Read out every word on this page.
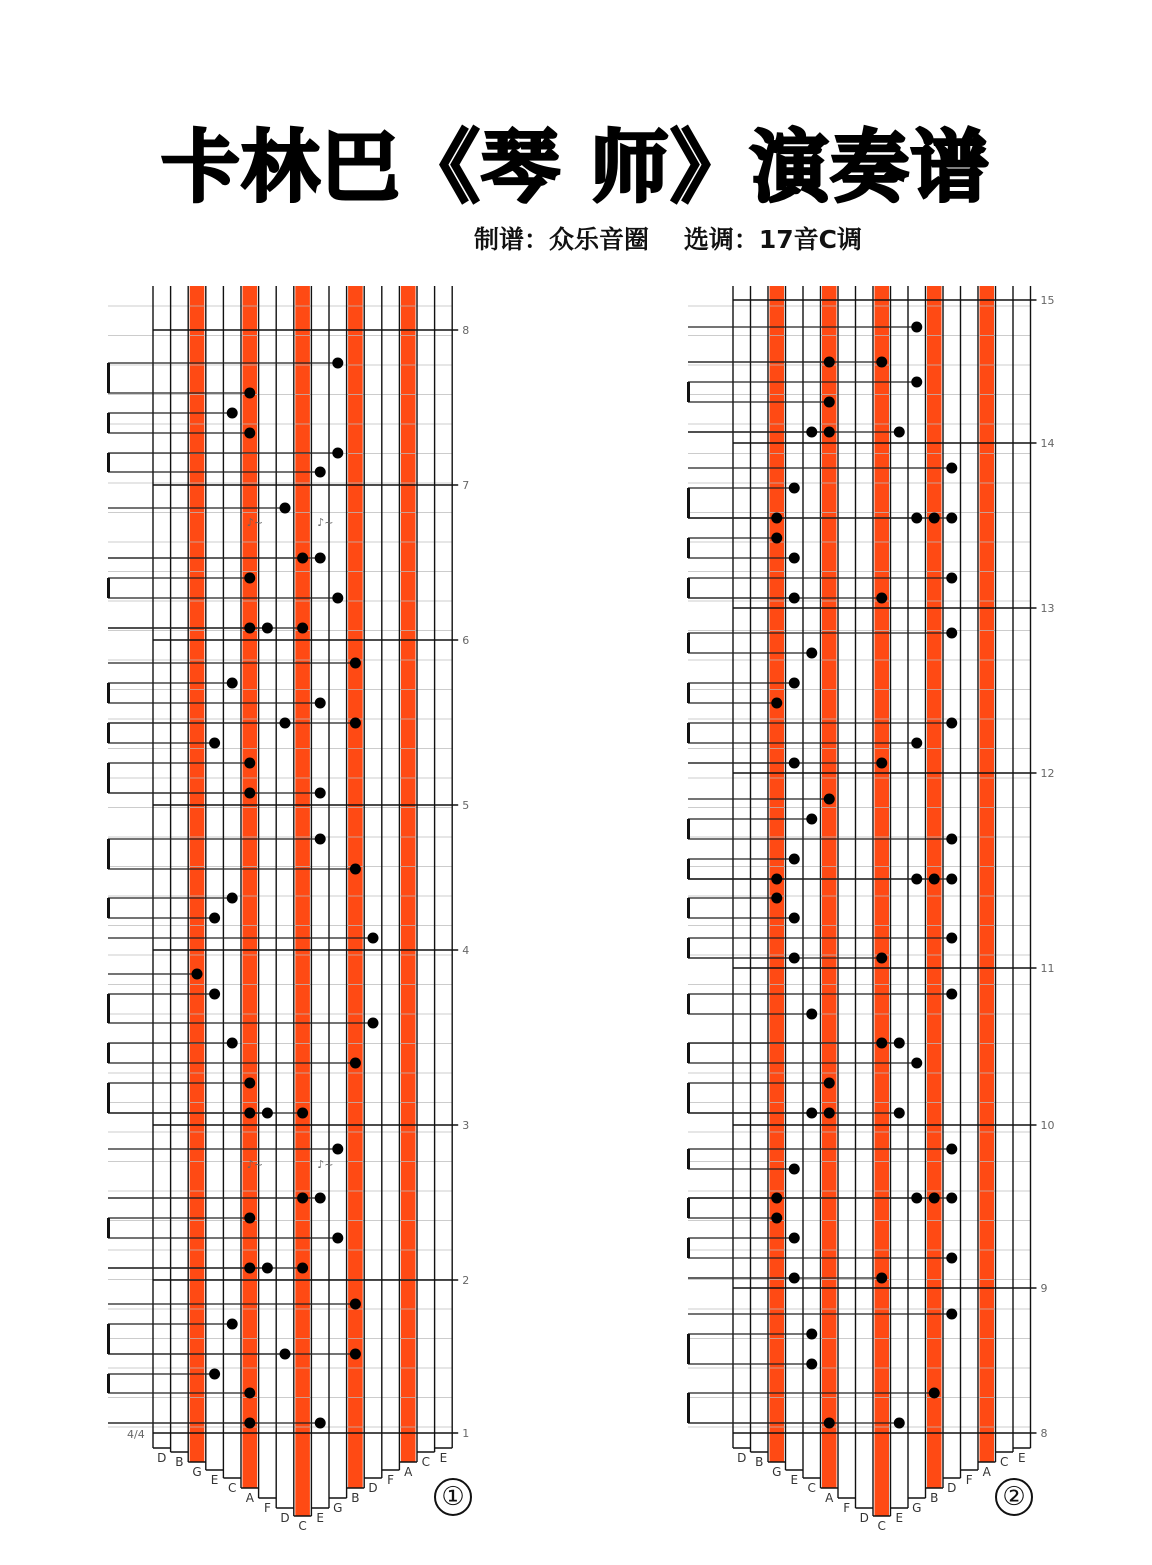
卡林巴《琴 师》演奏谱
制谱：众乐音圈    选调：17音C调
D B
G
E
C
A
F
D
C
E
G
B
D
F
A
C E
1
2
3
4
5
6
7
8
♪~	♪~
♪~	♪~
4/4
D B
G
E
C
A
F
D
C
E
G
B
D
F
A
C E
8
9
10
11
12
13
14
15
①	②
